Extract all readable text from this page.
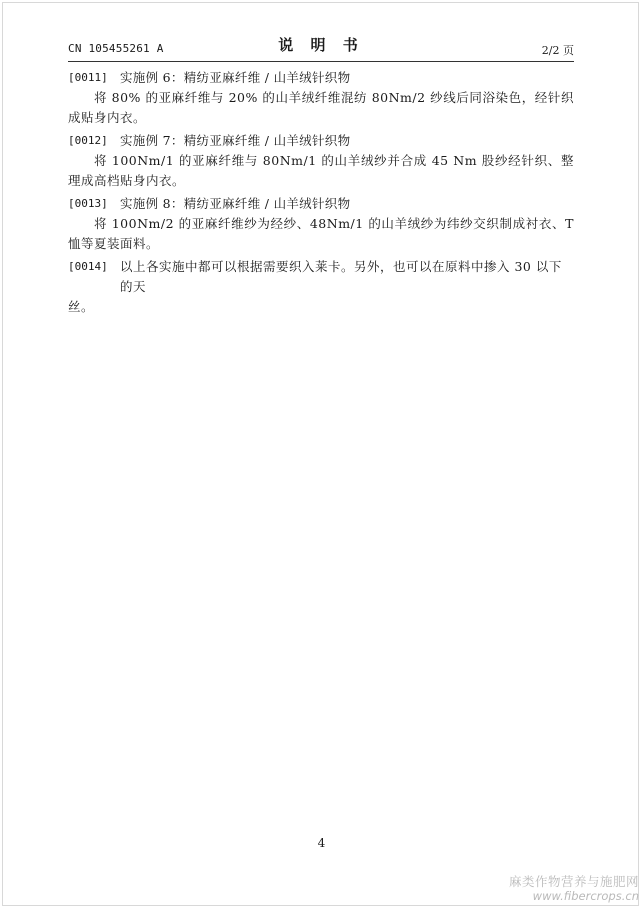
CN 105455261 A	说 明 书	2/2 页
[0011] 实施例 6：精纺亚麻纤维 / 山羊绒针织物
将 80% 的亚麻纤维与 20% 的山羊绒纤维混纺 80Nm/2 纱线后同浴染色，经针织成贴身内衣。
[0012] 实施例 7：精纺亚麻纤维 / 山羊绒针织物
将 100Nm/1 的亚麻纤维与 80Nm/1 的山羊绒纱并合成 45 Nm 股纱经针织、整理成高档贴身内衣。
[0013] 实施例 8：精纺亚麻纤维 / 山羊绒针织物
将 100Nm/2 的亚麻纤维纱为经纱、48Nm/1 的山羊绒纱为纬纱交织制成衬衣、T 恤等夏装面料。
[0014] 以上各实施中都可以根据需要织入莱卡。另外，也可以在原料中掺入 30 以下的天
丝。
4
麻类作物营养与施肥网
www.fibercrops.cn
